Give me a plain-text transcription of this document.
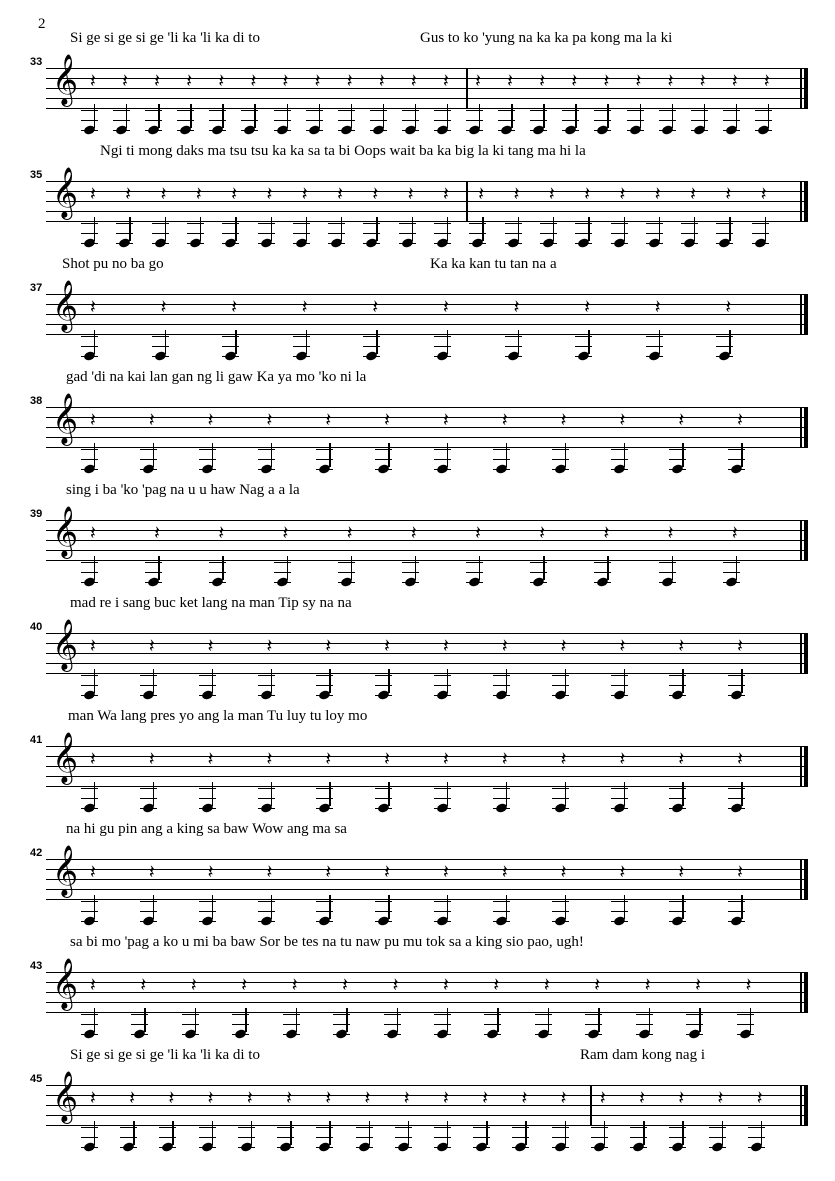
2
Si ge si ge si ge 'li ka 'li ka di to	Gus to ko 'yung na ka ka pa kong ma la ki
33 𝄞 𝄽 𝄽 𝄽 𝄽 𝄽 𝄽 𝄽 𝄽 𝄽 𝄽 𝄽 𝄽 𝄽 𝄽 𝄽 𝄽 𝄽 𝄽 𝄽 𝄽 𝄽 𝄽
Ngi ti mong daks ma tsu tsu ka ka sa ta bi Oops wait ba ka big la ki tang ma hi la
35 𝄞 𝄽 𝄽 𝄽 𝄽 𝄽 𝄽 𝄽 𝄽 𝄽 𝄽 𝄽 𝄽 𝄽 𝄽 𝄽 𝄽 𝄽 𝄽 𝄽 𝄽
Shot pu no ba go	Ka ka kan tu tan na a
37 𝄞 𝄽	𝄽	𝄽	𝄽	𝄽	𝄽	𝄽	𝄽	𝄽	𝄽
gad 'di na kai lan gan ng li gaw Ka ya mo 'ko ni la
38 𝄞 𝄽	𝄽	𝄽	𝄽	𝄽	𝄽	𝄽	𝄽	𝄽	𝄽	𝄽	𝄽
sing i ba 'ko 'pag na u u haw Nag a a la
39 𝄞 𝄽	𝄽	𝄽	𝄽	𝄽	𝄽	𝄽	𝄽	𝄽	𝄽	𝄽
mad re i sang buc ket lang na man Tip sy na na
40 𝄞 𝄽	𝄽	𝄽	𝄽	𝄽	𝄽	𝄽	𝄽	𝄽	𝄽	𝄽	𝄽
man Wa lang pres yo ang la man Tu luy tu loy mo
41 𝄞 𝄽	𝄽	𝄽	𝄽	𝄽	𝄽	𝄽	𝄽	𝄽	𝄽	𝄽	𝄽
na hi gu pin ang a king sa baw Wow ang ma sa
42 𝄞 𝄽	𝄽	𝄽	𝄽	𝄽	𝄽	𝄽	𝄽	𝄽	𝄽	𝄽	𝄽
sa bi mo 'pag a ko u mi ba baw Sor be tes na tu naw pu mu tok sa a king sio pao, ugh!
43 𝄞 𝄽 𝄽 𝄽 𝄽 𝄽 𝄽 𝄽 𝄽 𝄽 𝄽 𝄽 𝄽 𝄽 𝄽
Si ge si ge si ge 'li ka 'li ka di to	Ram dam kong nag i
45 𝄞 𝄽 𝄽 𝄽 𝄽 𝄽 𝄽 𝄽 𝄽 𝄽 𝄽 𝄽 𝄽 𝄽 𝄽 𝄽 𝄽 𝄽 𝄽
